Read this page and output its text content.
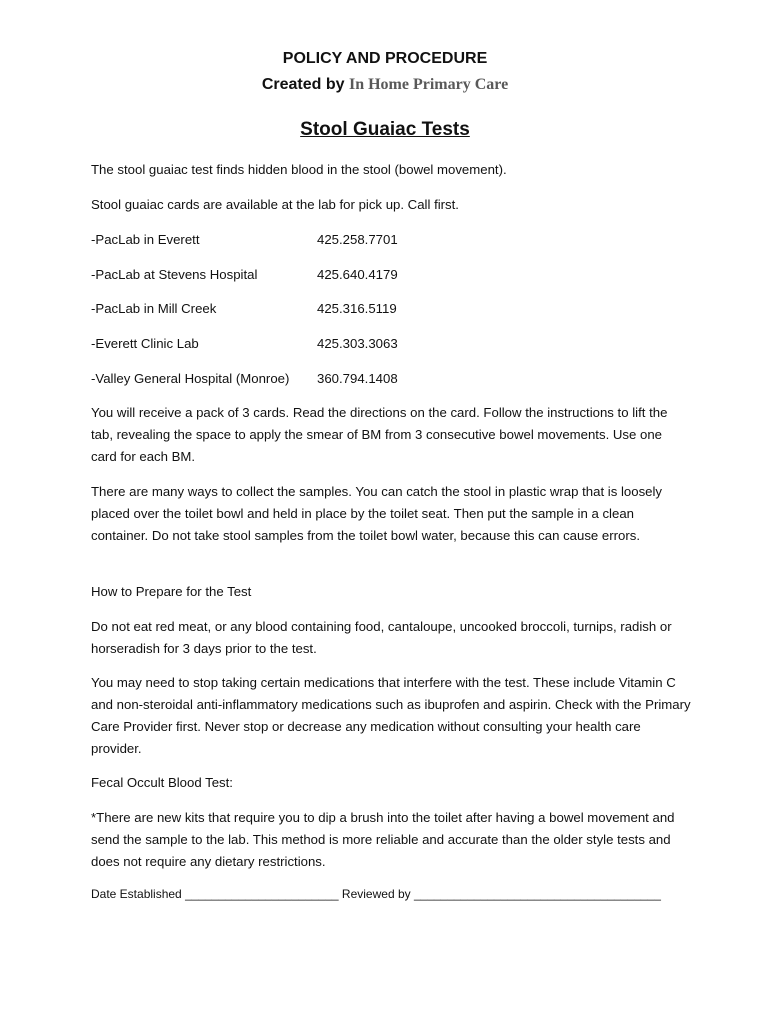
POLICY AND PROCEDURE
Created by In Home Primary Care
Stool Guaiac Tests

The stool guaiac test finds hidden blood in the stool (bowel movement).

Stool guaiac cards are available at the lab for pick up. Call first.

-PacLab in Everett	425.258.7701
-PacLab at Stevens Hospital	425.640.4179
-PacLab in Mill Creek	425.316.5119
-Everett Clinic Lab	425.303.3063
-Valley General Hospital (Monroe) 360.794.1408

You will receive a pack of 3 cards. Read the directions on the card. Follow the instructions to lift the tab, revealing the space to apply the smear of BM from 3 consecutive bowel movements. Use one card for each BM.

There are many ways to collect the samples. You can catch the stool in plastic wrap that is loosely placed over the toilet bowl and held in place by the toilet seat. Then put the sample in a clean container. Do not take stool samples from the toilet bowl water, because this can cause errors.

How to Prepare for the Test

Do not eat red meat, or any blood containing food, cantaloupe, uncooked broccoli, turnips, radish or horseradish for 3 days prior to the test.

You may need to stop taking certain medications that interfere with the test. These include Vitamin C and non-steroidal anti-inflammatory medications such as ibuprofen and aspirin. Check with the Primary Care Provider first. Never stop or decrease any medication without consulting your health care provider.

Fecal Occult Blood Test:

*There are new kits that require you to dip a brush into the toilet after having a bowel movement and send the sample to the lab. This method is more reliable and accurate than the older style tests and does not require any dietary restrictions.

Date Established _______________________ Reviewed by _____________________________________
